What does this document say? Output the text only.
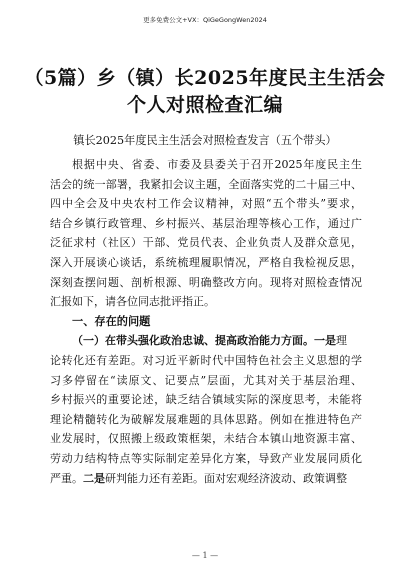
更多免费公文+VX：QiGeGongWen2024
（5篇）乡（镇）长2025年度民主生活会
个人对照检查汇编
镇长2025年度民主生活会对照检查发言（五个带头）
根据中央、省委、市委及县委关于召开2025年度民主生
活会的统一部署，我紧扣会议主题，全面落实党的二十届三中、
四中全会及中央农村工作会议精神，对照“五个带头”要求，
结合乡镇行政管理、乡村振兴、基层治理等核心工作，通过广
泛征求村（社区）干部、党员代表、企业负责人及群众意见，
深入开展谈心谈话，系统梳理履职情况，严格自我检视反思，
深刻查摆问题、剖析根源、明确整改方向。现将对照检查情况
汇报如下，请各位同志批评指正。
一、存在的问题
（一）在带头强化政治忠诚、提高政治能力方面。一是理
论转化还有差距。对习近平新时代中国特色社会主义思想的学
习多停留在“读原文、记要点”层面，尤其对关于基层治理、
乡村振兴的重要论述，缺乏结合镇域实际的深度思考，未能将
理论精髓转化为破解发展难题的具体思路。例如在推进特色产
业发展时，仅照搬上级政策框架，未结合本镇山地资源丰富、
劳动力结构特点等实际制定差异化方案，导致产业发展同质化
严重。二是研判能力还有差距。面对宏观经济波动、政策调整
— 1 —
